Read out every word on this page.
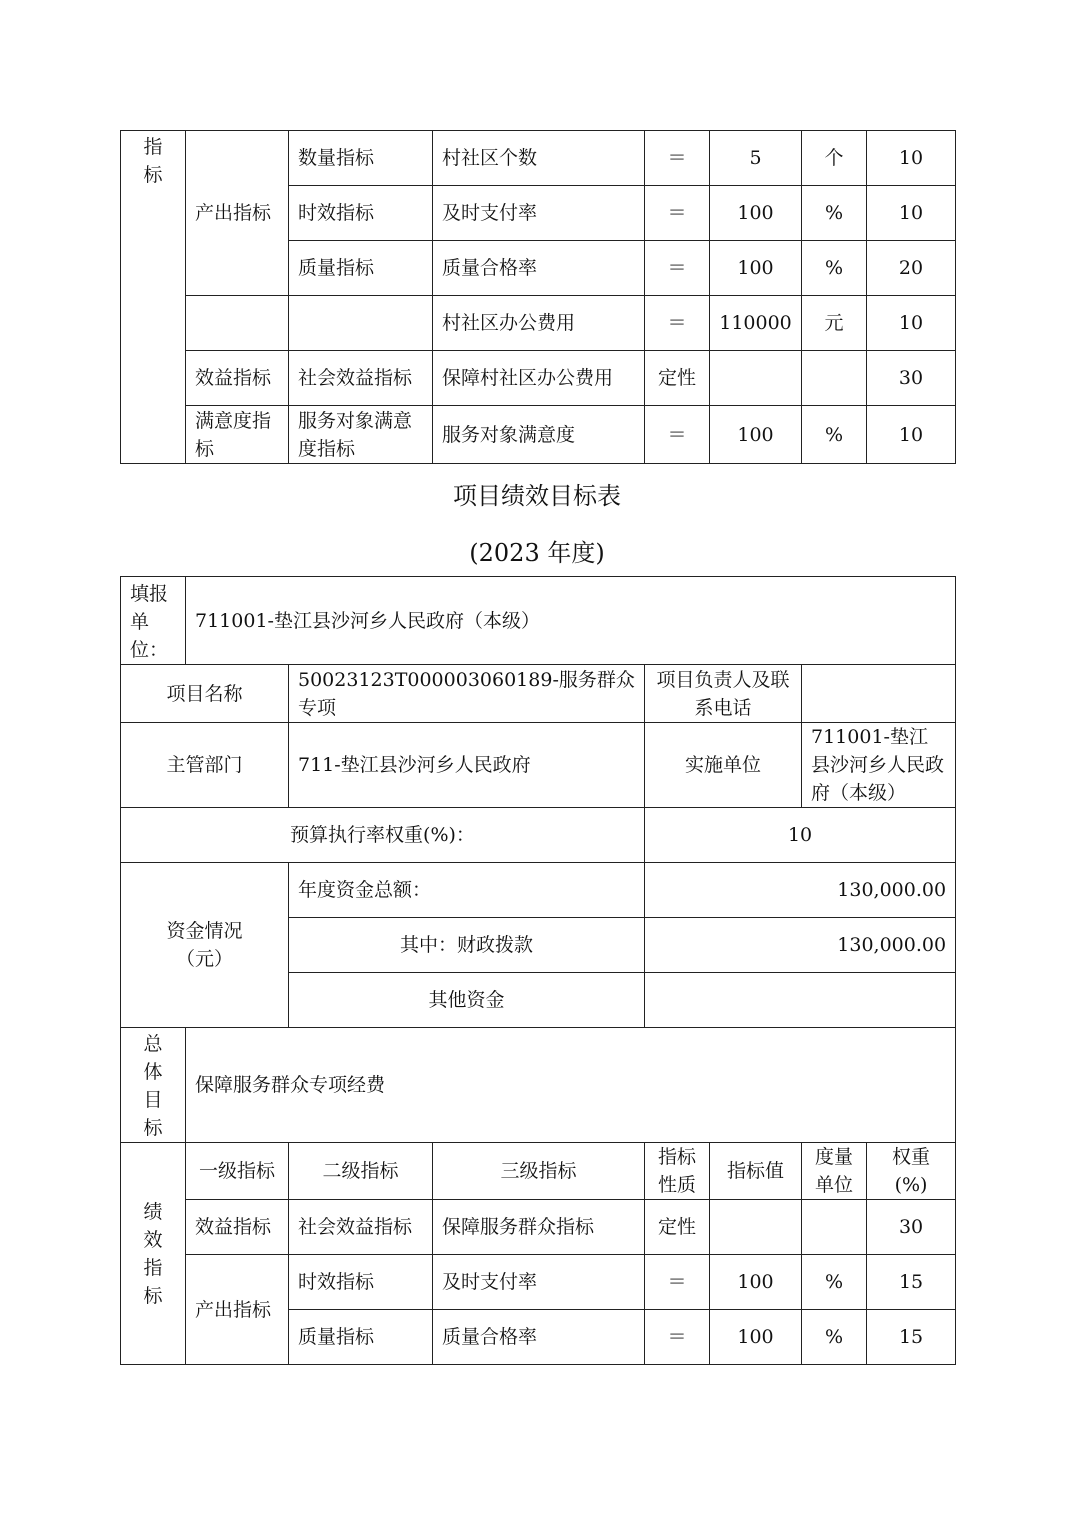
指
标	产出指标	数量指标	村社区个数	＝	5	个	10
		时效指标	及时支付率	＝	100	%	10
		质量指标	质量合格率	＝	100	%	20
			村社区办公费用	＝	110000	元	10
	效益指标	社会效益指标	保障村社区办公费用	定性			30
	满意度指标	服务对象满意度指标	服务对象满意度	＝	100	%	10
项目绩效目标表
(2023 年度)
填报
单
位：	711001-垫江县沙河乡人民政府（本级）						
项目名称		50023123T000003060189-服务群众专项		项目负责人及联系电话			
主管部门		711-垫江县沙河乡人民政府		实施单位		711001-垫江县沙河乡人民政府（本级）	
预算执行率权重(%)：				10			
资金情况
（元）		年度资金总额：		130,000.00			
		其中：财政拨款		130,000.00			
		其他资金					
总
体
目
标	保障服务群众专项经费						
绩
效
指
标	一级指标	二级指标	三级指标	指标性质	指标值	度量单位	权重(%)
	效益指标	社会效益指标	保障服务群众指标	定性			30
	产出指标	时效指标	及时支付率	＝	100	%	15
		质量指标	质量合格率	＝	100	%	15
